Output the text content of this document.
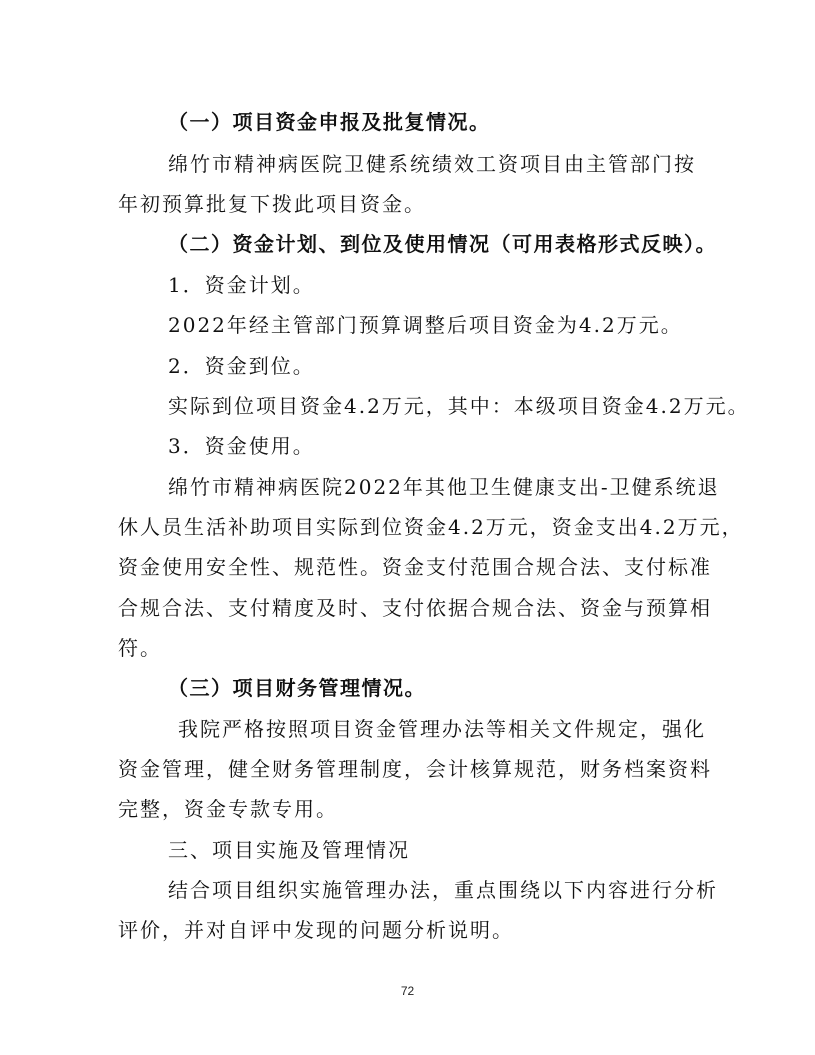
（一）项目资金申报及批复情况。
绵竹市精神病医院卫健系统绩效工资项目由主管部门按
年初预算批复下拨此项目资金。
（二）资金计划、到位及使用情况（可用表格形式反映）。
1．资金计划。
2022年经主管部门预算调整后项目资金为4.2万元。
2．资金到位。
实际到位项目资金4.2万元，其中：本级项目资金4.2万元。
3．资金使用。
绵竹市精神病医院2022年其他卫生健康支出-卫健系统退
休人员生活补助项目实际到位资金4.2万元，资金支出4.2万元，
资金使用安全性、规范性。资金支付范围合规合法、支付标准
合规合法、支付精度及时、支付依据合规合法、资金与预算相
符。
（三）项目财务管理情况。
我院严格按照项目资金管理办法等相关文件规定，强化
资金管理，健全财务管理制度，会计核算规范，财务档案资料
完整，资金专款专用。
三、项目实施及管理情况
结合项目组织实施管理办法，重点围绕以下内容进行分析
评价，并对自评中发现的问题分析说明。
72
